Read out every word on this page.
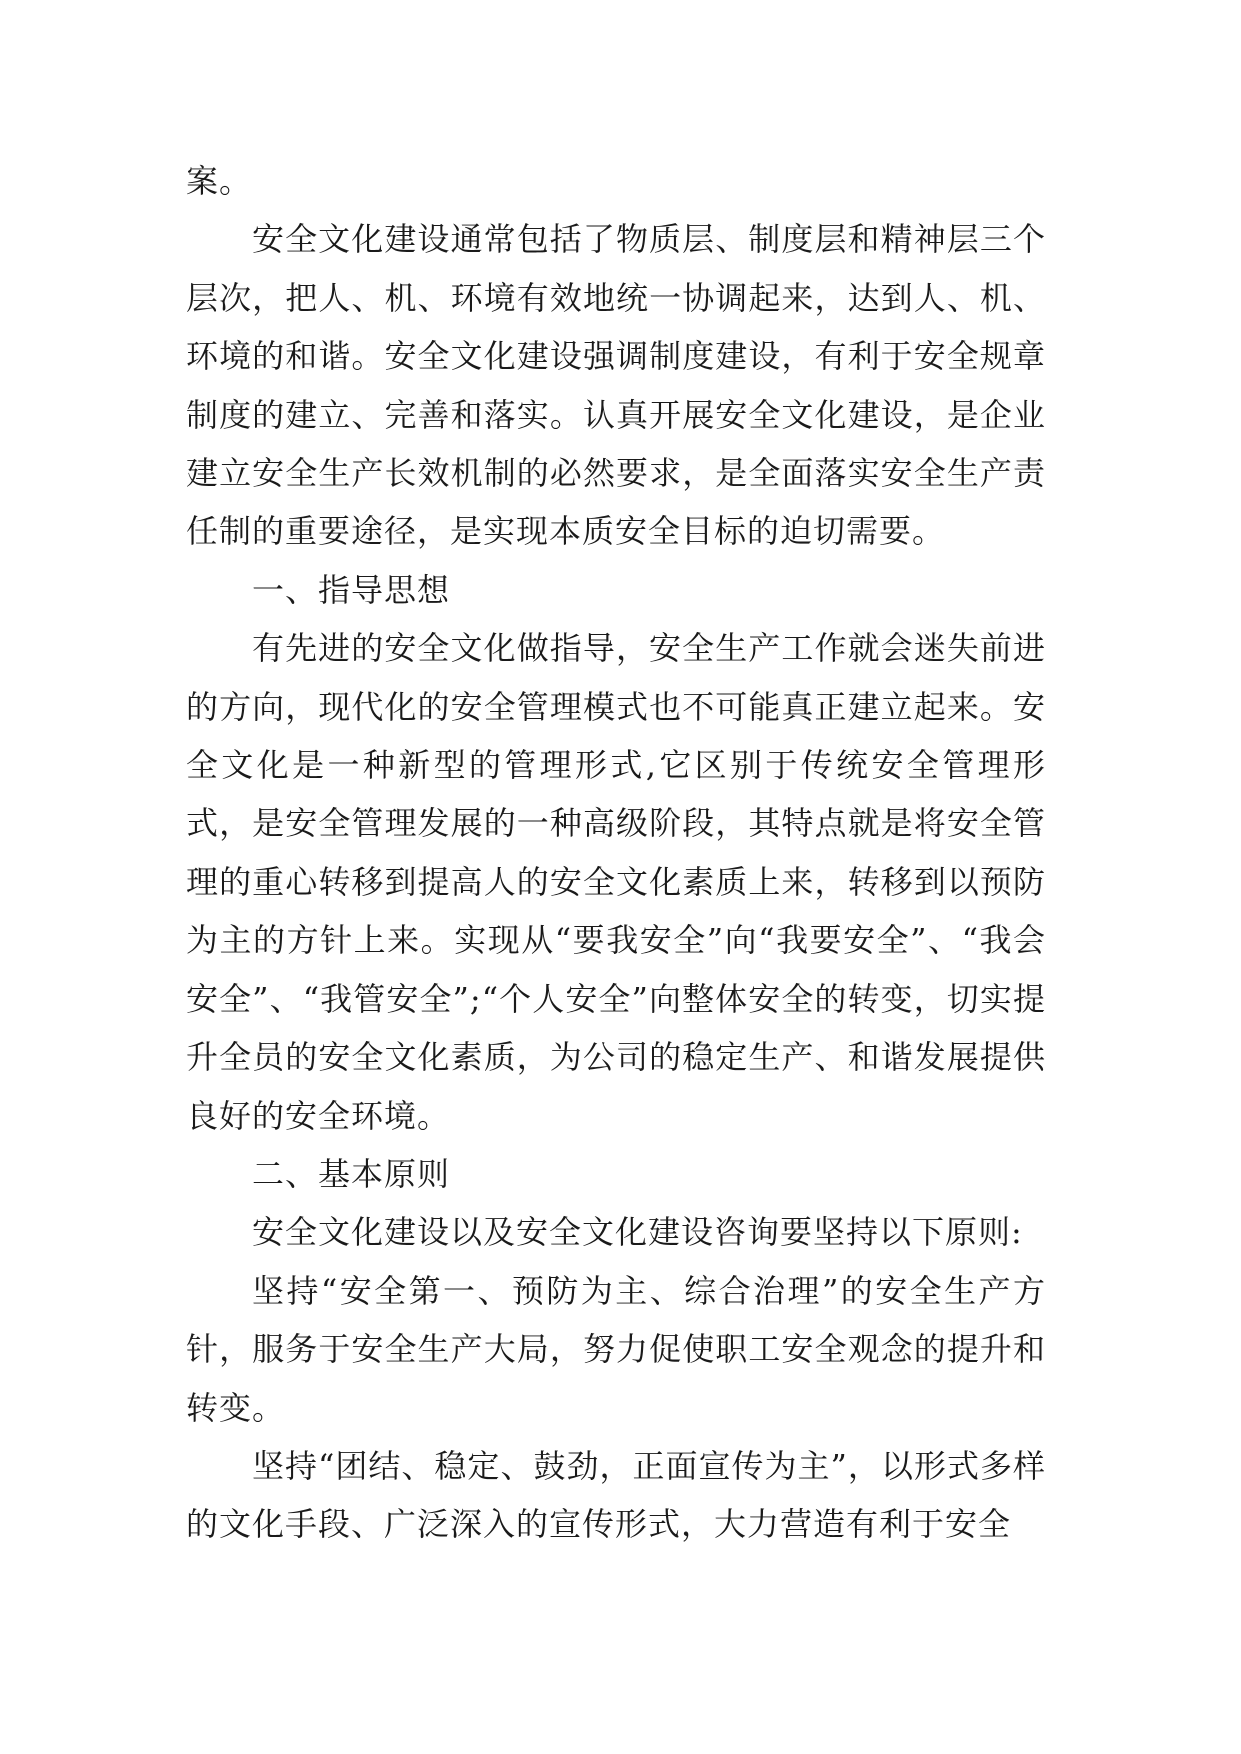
案。

安全文化建设通常包括了物质层、制度层和精神层三个层次，把人、机、环境有效地统一协调起来，达到人、机、环境的和谐。安全文化建设强调制度建设，有利于安全规章制度的建立、完善和落实。认真开展安全文化建设，是企业建立安全生产长效机制的必然要求，是全面落实安全生产责任制的重要途径，是实现本质安全目标的迫切需要。

一、指导思想

有先进的安全文化做指导，安全生产工作就会迷失前进的方向，现代化的安全管理模式也不可能真正建立起来。安全文化是一种新型的管理形式,它区别于传统安全管理形式，是安全管理发展的一种高级阶段，其特点就是将安全管理的重心转移到提高人的安全文化素质上来，转移到以预防为主的方针上来。实现从“要我安全”向“我要安全”、“我会安全”、“我管安全”;“个人安全”向整体安全的转变，切实提升全员的安全文化素质，为公司的稳定生产、和谐发展提供良好的安全环境。

二、基本原则

安全文化建设以及安全文化建设咨询要坚持以下原则:

坚持“安全第一、预防为主、综合治理”的安全生产方针，服务于安全生产大局，努力促使职工安全观念的提升和转变。

坚持“团结、稳定、鼓劲，正面宣传为主”，以形式多样的文化手段、广泛深入的宣传形式，大力营造有利于安全
